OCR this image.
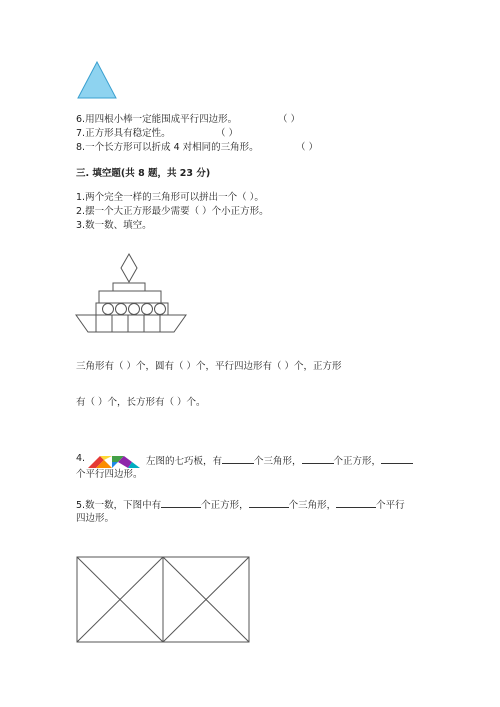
6.用四根小棒一定能围成平行四边形。	（ ）
7.正方形具有稳定性。	（ ）
8.一个长方形可以折成 4 对相同的三角形。	（ ）
三. 填空题(共 8 题，共 23 分)
1.两个完全一样的三角形可以拼出一个（ ）。
2.摆一个大正方形最少需要（ ）个小正方形。
3.数一数、填空。
三角形有（ ）个，圆有（ ）个，平行四边形有（ ）个，正方形
有（ ）个，长方形有（ ）个。
4.	左图的七巧板，有	个三角形，	个正方形，
个平行四边形。
5.数一数，下图中有	个正方形，	个三角形，	个平行
四边形。
